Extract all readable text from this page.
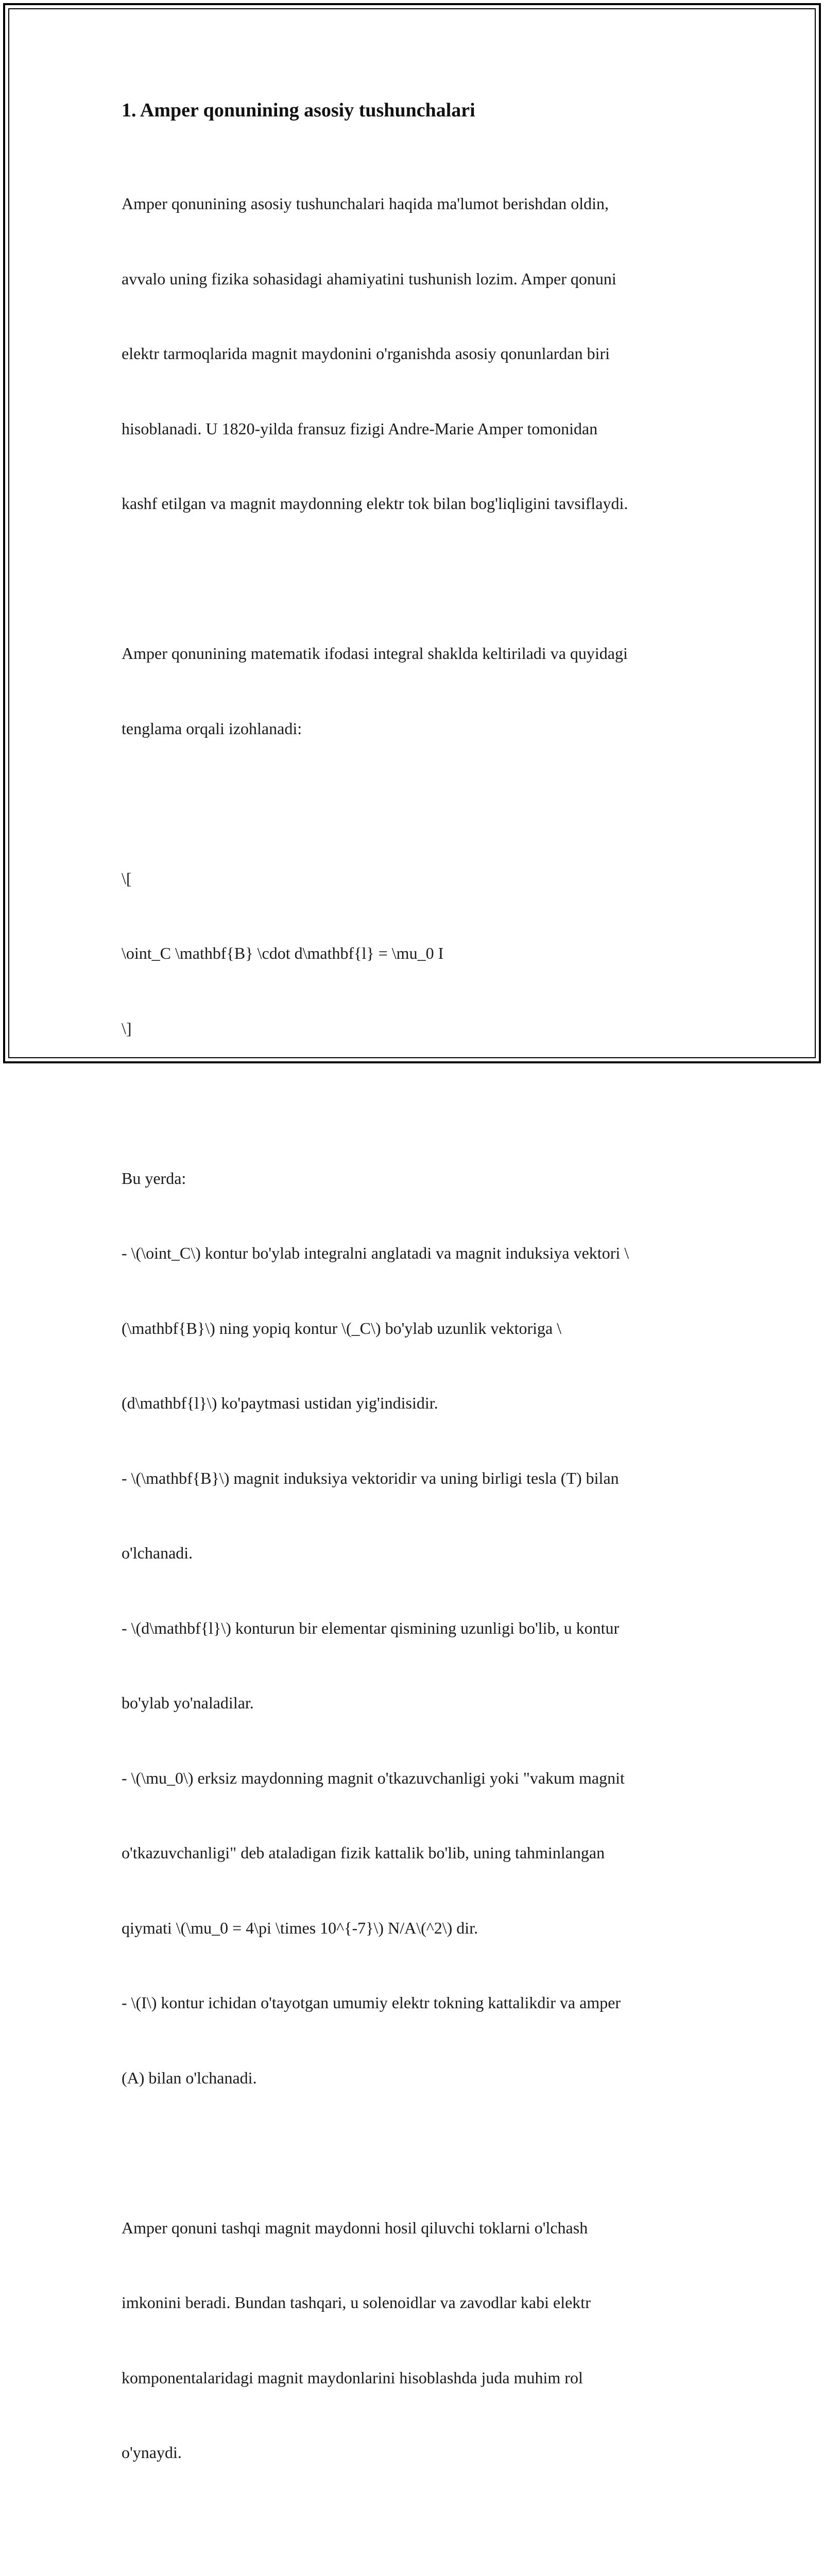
1. Amper qonunining asosiy tushunchalari

Amper qonunining asosiy tushunchalari haqida ma'lumot berishdan oldin,

avvalo uning fizika sohasidagi ahamiyatini tushunish lozim. Amper qonuni

elektr tarmoqlarida magnit maydonini o'rganishda asosiy qonunlardan biri

hisoblanadi. U 1820-yilda fransuz fizigi Andre-Marie Amper tomonidan

kashf etilgan va magnit maydonning elektr tok bilan bog'liqligini tavsiflaydi.

Amper qonunining matematik ifodasi integral shaklda keltiriladi va quyidagi

tenglama orqali izohlanadi:

\[

\oint_C \mathbf{B} \cdot d\mathbf{l} = \mu_0 I

\]

Bu yerda:

- \(\oint_C\) kontur bo'ylab integralni anglatadi va magnit induksiya vektori \

(\mathbf{B}\) ning yopiq kontur \(_C\) bo'ylab uzunlik vektoriga \

(d\mathbf{l}\) ko'paytmasi ustidan yig'indisidir.

- \(\mathbf{B}\) magnit induksiya vektoridir va uning birligi tesla (T) bilan

o'lchanadi.

- \(d\mathbf{l}\) konturun bir elementar qismining uzunligi bo'lib, u kontur

bo'ylab yo'naladilar.

- \(\mu_0\) erksiz maydonning magnit o'tkazuvchanligi yoki "vakum magnit

o'tkazuvchanligi" deb ataladigan fizik kattalik bo'lib, uning tahminlangan

qiymati \(\mu_0 = 4\pi \times 10^{-7}\) N/A\(^2\) dir.

- \(I\) kontur ichidan o'tayotgan umumiy elektr tokning kattalikdir va amper

(A) bilan o'lchanadi.

Amper qonuni tashqi magnit maydonni hosil qiluvchi toklarni o'lchash

imkonini beradi. Bundan tashqari, u solenoidlar va zavodlar kabi elektr

komponentalaridagi magnit maydonlarini hisoblashda juda muhim rol

o'ynaydi.
